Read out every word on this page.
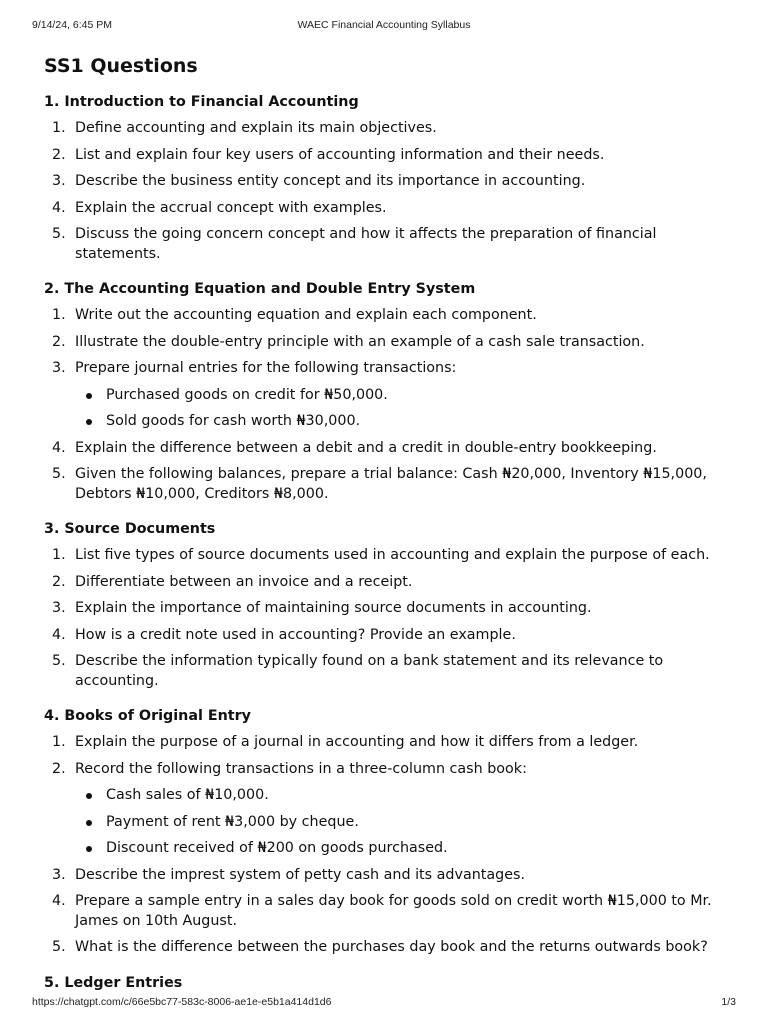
9/14/24, 6:45 PM	WAEC Financial Accounting Syllabus
SS1 Questions
1. Introduction to Financial Accounting
1. Define accounting and explain its main objectives.
2. List and explain four key users of accounting information and their needs.
3. Describe the business entity concept and its importance in accounting.
4. Explain the accrual concept with examples.
5. Discuss the going concern concept and how it affects the preparation of financial statements.
2. The Accounting Equation and Double Entry System
1. Write out the accounting equation and explain each component.
2. Illustrate the double-entry principle with an example of a cash sale transaction.
3. Prepare journal entries for the following transactions:
Purchased goods on credit for ₦50,000.
Sold goods for cash worth ₦30,000.
4. Explain the difference between a debit and a credit in double-entry bookkeeping.
5. Given the following balances, prepare a trial balance: Cash ₦20,000, Inventory ₦15,000, Debtors ₦10,000, Creditors ₦8,000.
3. Source Documents
1. List five types of source documents used in accounting and explain the purpose of each.
2. Differentiate between an invoice and a receipt.
3. Explain the importance of maintaining source documents in accounting.
4. How is a credit note used in accounting? Provide an example.
5. Describe the information typically found on a bank statement and its relevance to accounting.
4. Books of Original Entry
1. Explain the purpose of a journal in accounting and how it differs from a ledger.
2. Record the following transactions in a three-column cash book:
Cash sales of ₦10,000.
Payment of rent ₦3,000 by cheque.
Discount received of ₦200 on goods purchased.
3. Describe the imprest system of petty cash and its advantages.
4. Prepare a sample entry in a sales day book for goods sold on credit worth ₦15,000 to Mr. James on 10th August.
5. What is the difference between the purchases day book and the returns outwards book?
5. Ledger Entries
https://chatgpt.com/c/66e5bc77-583c-8006-ae1e-e5b1a414d1d6	1/3
